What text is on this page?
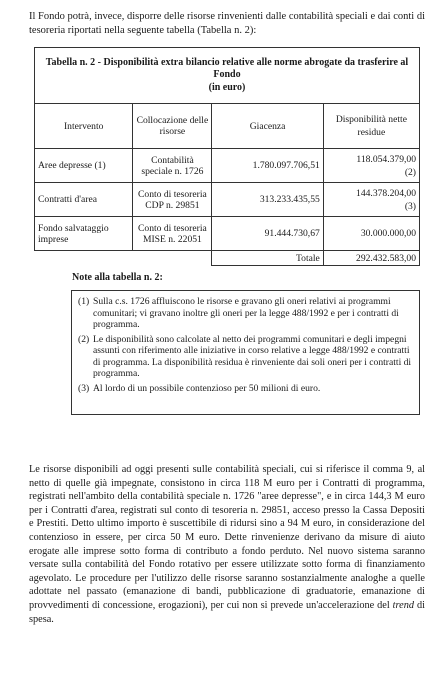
Il Fondo potrà, invece, disporre delle risorse rinvenienti dalle contabilità speciali e dai conti di tesoreria riportati nella seguente tabella (Tabella n. 2):
Tabella n. 2 - Disponibilità extra bilancio relative alle norme abrogate da trasferire al Fondo
(in euro)			

Intervento	Collocazione delle risorse	Giacenza	Disponibilità nette residue
Aree depresse (1)	Contabilità speciale n. 1726	1.780.097.706,51	118.054.379,00
(2)

Contratti d'area	Conto di tesoreria CDP n. 29851	313.233.435,55	144.378.204,00
(3)

Fondo salvataggio imprese	Conto di tesoreria MISE n. 22051	91.444.730,67	30.000.000,00
		Totale	292.432.583,00
Note alla tabella n. 2:
(1) Sulla c.s. 1726 affluiscono le risorse e gravano gli oneri relativi ai programmi comunitari; vi gravano inoltre gli oneri per la legge 488/1992 e per i contratti di programma.
(2) Le disponibilità sono calcolate al netto dei programmi comunitari e degli impegni assunti con riferimento alle iniziative in corso relative a legge 488/1992 e contratti di programma. La disponibilità residua è rinveniente dai soli oneri per i contratti di programma.
(3) Al lordo di un possibile contenzioso per 50 milioni di euro.
Le risorse disponibili ad oggi presenti sulle contabilità speciali, cui si riferisce il comma 9, al netto di quelle già impegnate, consistono in circa 118 M euro per i Contratti di programma, registrati nell'ambito della contabilità speciale n. 1726 "aree depresse", e in circa 144,3 M euro per i Contratti d'area, registrati sul conto di tesoreria n. 29851, acceso presso la Cassa Depositi e Prestiti. Detto ultimo importo è suscettibile di ridursi sino a 94 M euro, in considerazione del contenzioso in essere, per circa 50 M euro. Dette rinvenienze derivano da misure di aiuto erogate alle imprese sotto forma di contributo a fondo perduto. Nel nuovo sistema saranno versate sulla contabilità del Fondo rotativo per essere utilizzate sotto forma di finanziamento agevolato. Le procedure per l'utilizzo delle risorse saranno sostanzialmente analoghe a quelle adottate nel passato (emanazione di bandi, pubblicazione di graduatorie, emanazione di provvedimenti di concessione, erogazioni), per cui non si prevede un'accelerazione del trend di spesa.
